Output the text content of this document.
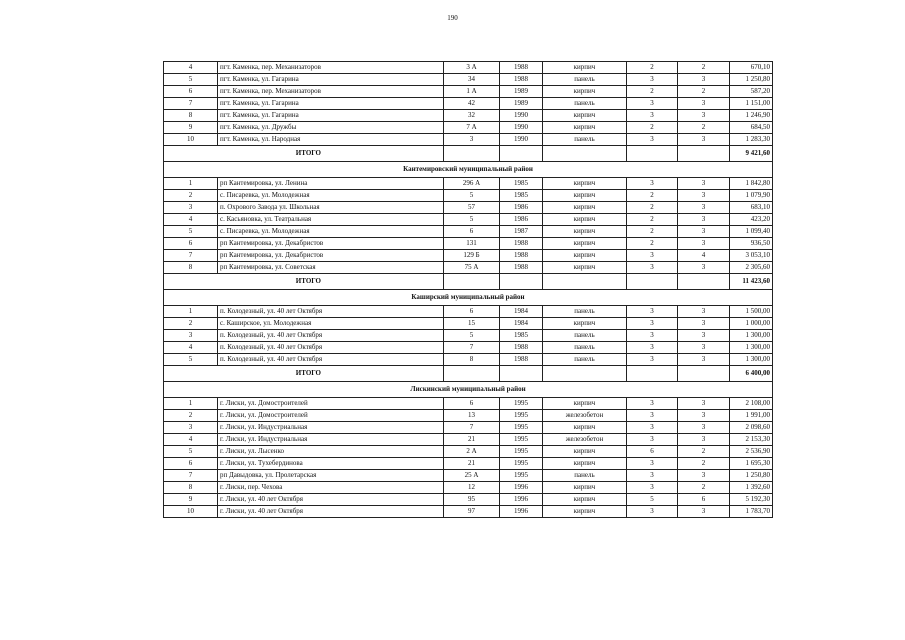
190
4	пгт. Каменка, пер. Механизаторов	3 А	1988	кирпич	2	2	670,10
5	пгт. Каменка, ул. Гагарина	34	1988	панель	3	3	1 250,80
6	пгт. Каменка, пер. Механизаторов	1 А	1989	кирпич	2	2	587,20
7	пгт. Каменка, ул. Гагарина	42	1989	панель	3	3	1 151,00
8	пгт. Каменка, ул. Гагарина	32	1990	кирпич	3	3	1 246,90
9	пгт. Каменка, ул. Дружбы	7 А	1990	кирпич	2	2	684,50
10	пгт. Каменка, ул. Народная	3	1990	панель	3	3	1 283,30
ИТОГО							9 421,60
Кантемировский муниципальный район							
1	рп Кантемировка, ул. Ленина	296 А	1985	кирпич	3	3	1 842,80
2	с. Писаревка, ул. Молодежная	5	1985	кирпич	2	3	1 079,90
3	п. Охрового Завода ул. Школьная	57	1986	кирпич	2	3	683,10
4	с. Касьяновка, ул. Театральная	5	1986	кирпич	2	3	423,20
5	с. Писаревка, ул. Молодежная	6	1987	кирпич	2	3	1 099,40
6	рп Кантемировка, ул. Декабристов	131	1988	кирпич	2	3	936,50
7	рп Кантемировка, ул. Декабристов	129 Б	1988	кирпич	3	4	3 053,10
8	рп Кантемировка, ул. Советская	75 А	1988	кирпич	3	3	2 305,60
ИТОГО							11 423,60
Каширский муниципальный район							
1	п. Колодезный, ул. 40 лет Октября	6	1984	панель	3	3	1 500,00
2	с. Каширское, ул. Молодежная	15	1984	кирпич	3	3	1 000,00
3	п. Колодезный, ул. 40 лет Октября	5	1985	панель	3	3	1 300,00
4	п. Колодезный, ул. 40 лет Октября	7	1988	панель	3	3	1 300,00
5	п. Колодезный, ул. 40 лет Октября	8	1988	панель	3	3	1 300,00
ИТОГО							6 400,00
Лискинский муниципальный район							
1	г. Лиски, ул. Домостроителей	6	1995	кирпич	3	3	2 108,00
2	г. Лиски, ул. Домостроителей	13	1995	железобетон	3	3	1 991,00
3	г. Лиски, ул. Индустриальная	7	1995	кирпич	3	3	2 098,60
4	г. Лиски, ул. Индустриальная	21	1995	железобетон	3	3	2 153,30
5	г. Лиски, ул. Лысенко	2 А	1995	кирпич	6	2	2 536,90
6	г. Лиски, ул. Тухебердинова	21	1995	кирпич	3	2	1 695,30
7	рп Давыдовка, ул. Пролетарская	25 А	1995	панель	3	3	1 250,80
8	г. Лиски, пер. Чехова	12	1996	кирпич	3	2	1 392,60
9	г. Лиски, ул. 40 лет Октября	95	1996	кирпич	5	6	5 192,30
10	г. Лиски, ул. 40 лет Октября	97	1996	кирпич	3	3	1 783,70
